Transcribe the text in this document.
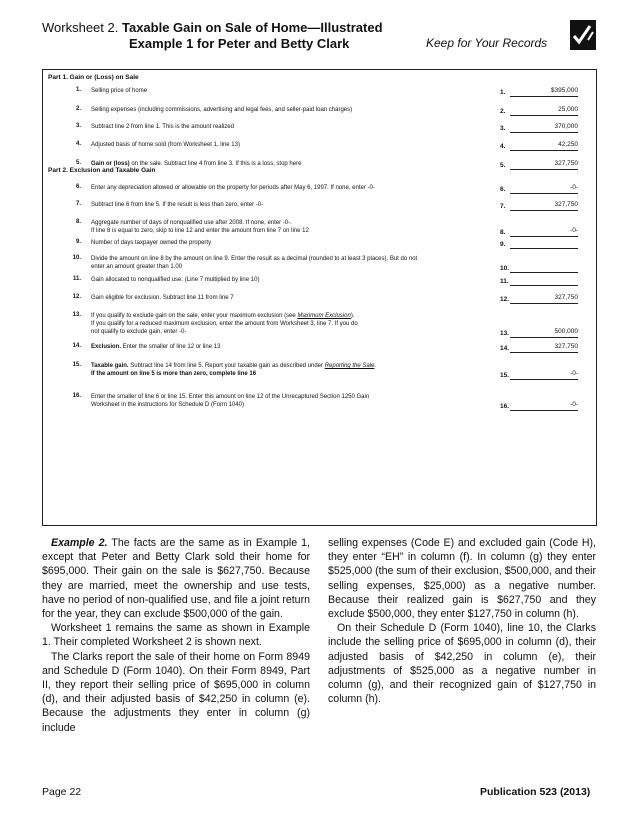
Worksheet 2. Taxable Gain on Sale of Home—Illustrated
Example 1 for Peter and Betty Clark	Keep for Your Records
Part 1. Gain or (Loss) on Sale
1. Selling price of home	1.	$395,000
2. Selling expenses (including commissions, advertising and legal fees, and seller-paid loan charges)	2.	25,000
3. Subtract line 2 from line 1. This is the amount realized	3.	370,000
4. Adjusted basis of home sold (from Worksheet 1, line 13)	4.	42,250
5. Gain or (loss) on the sale. Subtract line 4 from line 3. If this is a loss, stop here	5.	327,750
Part 2. Exclusion and Taxable Gain
6. Enter any depreciation allowed or allowable on the property for periods after May 6, 1997. If none, enter -0-	6.	-0-
7. Subtract line 6 from line 5. If the result is less than zero, enter -0-	7.	327,750
8. Aggregate number of days of nonqualified use after 2008. If none, enter -0-.
If line 8 is equal to zero, skip to line 12 and enter the amount from line 7 on line 12	8.	-0-
9. Number of days taxpayer owned the property	9.
10. Divide the amount on line 8 by the amount on line 9. Enter the result as a decimal (rounded to at least 3 places). But do not
enter an amount greater than 1.00	10.
11. Gain allocated to nonqualified use. (Line 7 multiplied by line 10)	11.
12. Gain eligible for exclusion. Subtract line 11 from line 7	12.	327,750
13. If you qualify to exclude gain on the sale, enter your maximum exclusion (see Maximum Exclusion).
If you qualify for a reduced maximum exclusion, enter the amount from Worksheet 3, line 7. If you do
not qualify to exclude gain, enter -0-	13.	500,000
14. Exclusion. Enter the smaller of line 12 or line 13	14.	327,750
15. Taxable gain. Subtract line 14 from line 5. Report your taxable gain as described under Reporting the Sale.
If the amount on line 5 is more than zero, complete line 16	15.	-0-
16. Enter the smaller of line 6 or line 15. Enter this amount on line 12 of the Unrecaptured Section 1250 Gain
Worksheet in the instructions for Schedule D (Form 1040)	16.	-0-

Example 2. The facts are the same as in Example 1, except that Peter and Betty Clark sold their home for $695,000. Their gain on the sale is $627,750. Because they are married, meet the ownership and use tests, have no period of non-qualified use, and file a joint return for the year, they can exclude $500,000 of the gain.

Worksheet 1 remains the same as shown in Example 1. Their completed Worksheet 2 is shown next.

The Clarks report the sale of their home on Form 8949 and Schedule D (Form 1040). On their Form 8949, Part II, they report their selling price of $695,000 in column (d), and their adjusted basis of $42,250 in column (e). Because the adjustments they enter in column (g) include

selling expenses (Code E) and excluded gain (Code H), they enter “EH” in column (f). In column (g) they enter $525,000 (the sum of their exclusion, $500,000, and their selling expenses, $25,000) as a negative number. Because their realized gain is $627,750 and they exclude $500,000, they enter $127,750 in column (h).

On their Schedule D (Form 1040), line 10, the Clarks include the selling price of $695,000 in column (d), their adjusted basis of $42,250 in column (e), their adjustments of $525,000 as a negative number in column (g), and their recognized gain of $127,750 in column (h).

Page 22	Publication 523 (2013)
